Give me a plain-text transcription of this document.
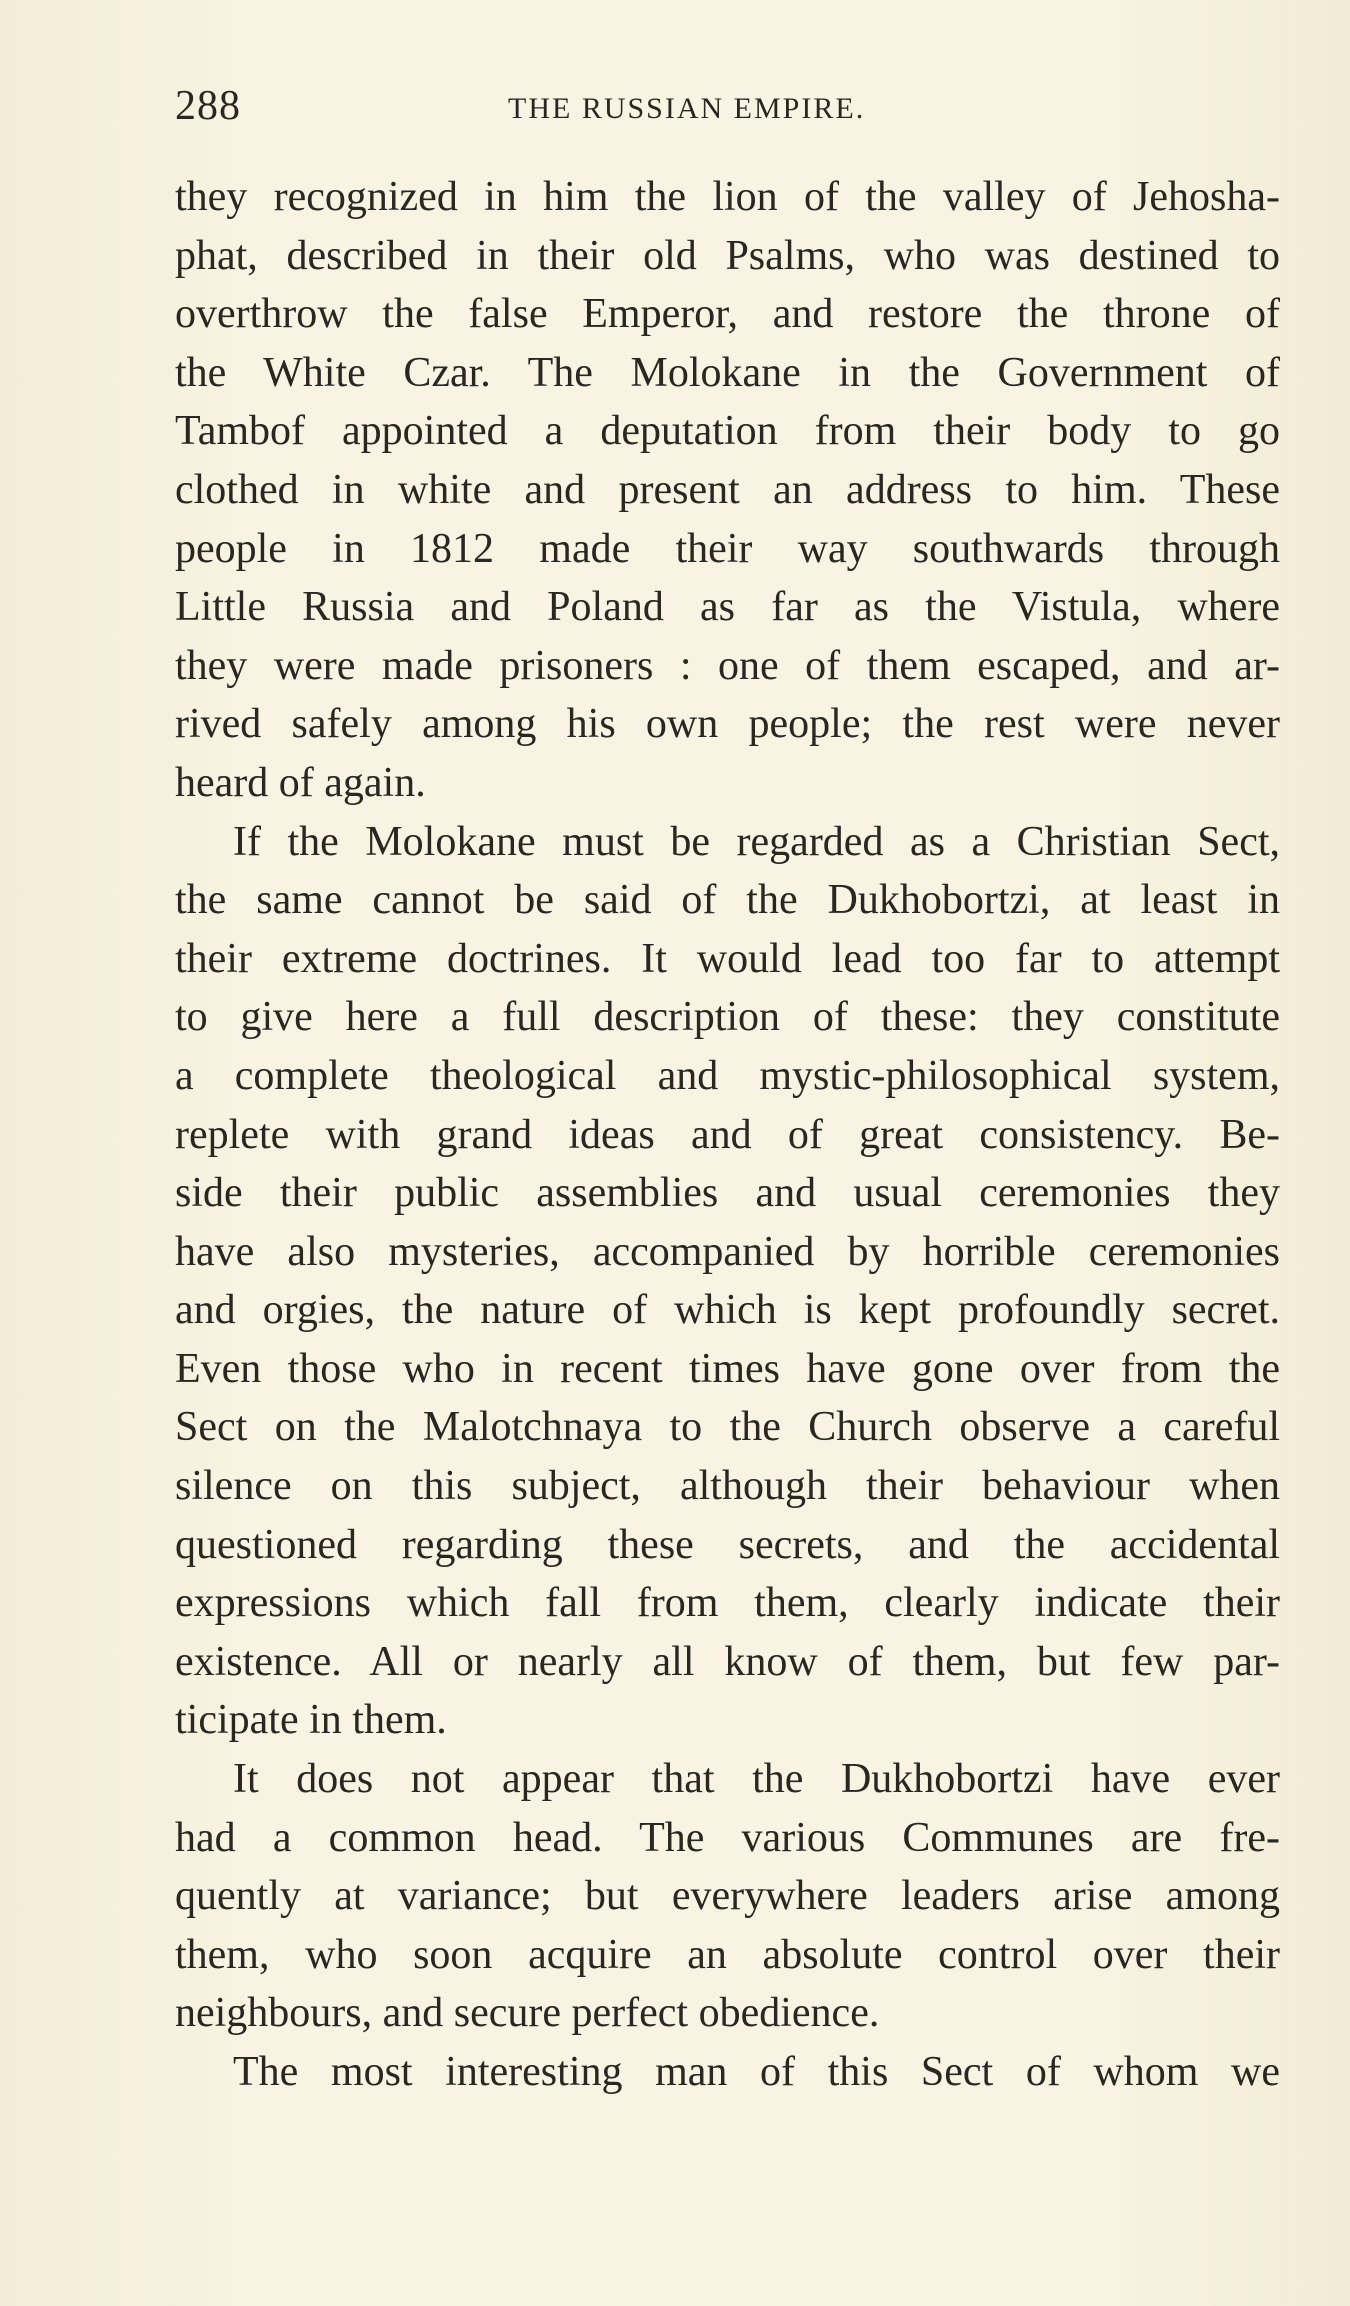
288	THE RUSSIAN EMPIRE.
they recognized in him the lion of the valley of Jehosha-
phat, described in their old Psalms, who was destined to
overthrow the false Emperor, and restore the throne of
the White Czar. The Molokane in the Government of
Tambof appointed a deputation from their body to go
clothed in white and present an address to him. These
people in 1812 made their way southwards through
Little Russia and Poland as far as the Vistula, where
they were made prisoners : one of them escaped, and ar-
rived safely among his own people; the rest were never
heard of again.
If the Molokane must be regarded as a Christian Sect,
the same cannot be said of the Dukhobortzi, at least in
their extreme doctrines. It would lead too far to attempt
to give here a full description of these: they constitute
a complete theological and mystic-philosophical system,
replete with grand ideas and of great consistency. Be-
side their public assemblies and usual ceremonies they
have also mysteries, accompanied by horrible ceremonies
and orgies, the nature of which is kept profoundly secret.
Even those who in recent times have gone over from the
Sect on the Malotchnaya to the Church observe a careful
silence on this subject, although their behaviour when
questioned regarding these secrets, and the accidental
expressions which fall from them, clearly indicate their
existence. All or nearly all know of them, but few par-
ticipate in them.
It does not appear that the Dukhobortzi have ever
had a common head. The various Communes are fre-
quently at variance; but everywhere leaders arise among
them, who soon acquire an absolute control over their
neighbours, and secure perfect obedience.
The most interesting man of this Sect of whom we
